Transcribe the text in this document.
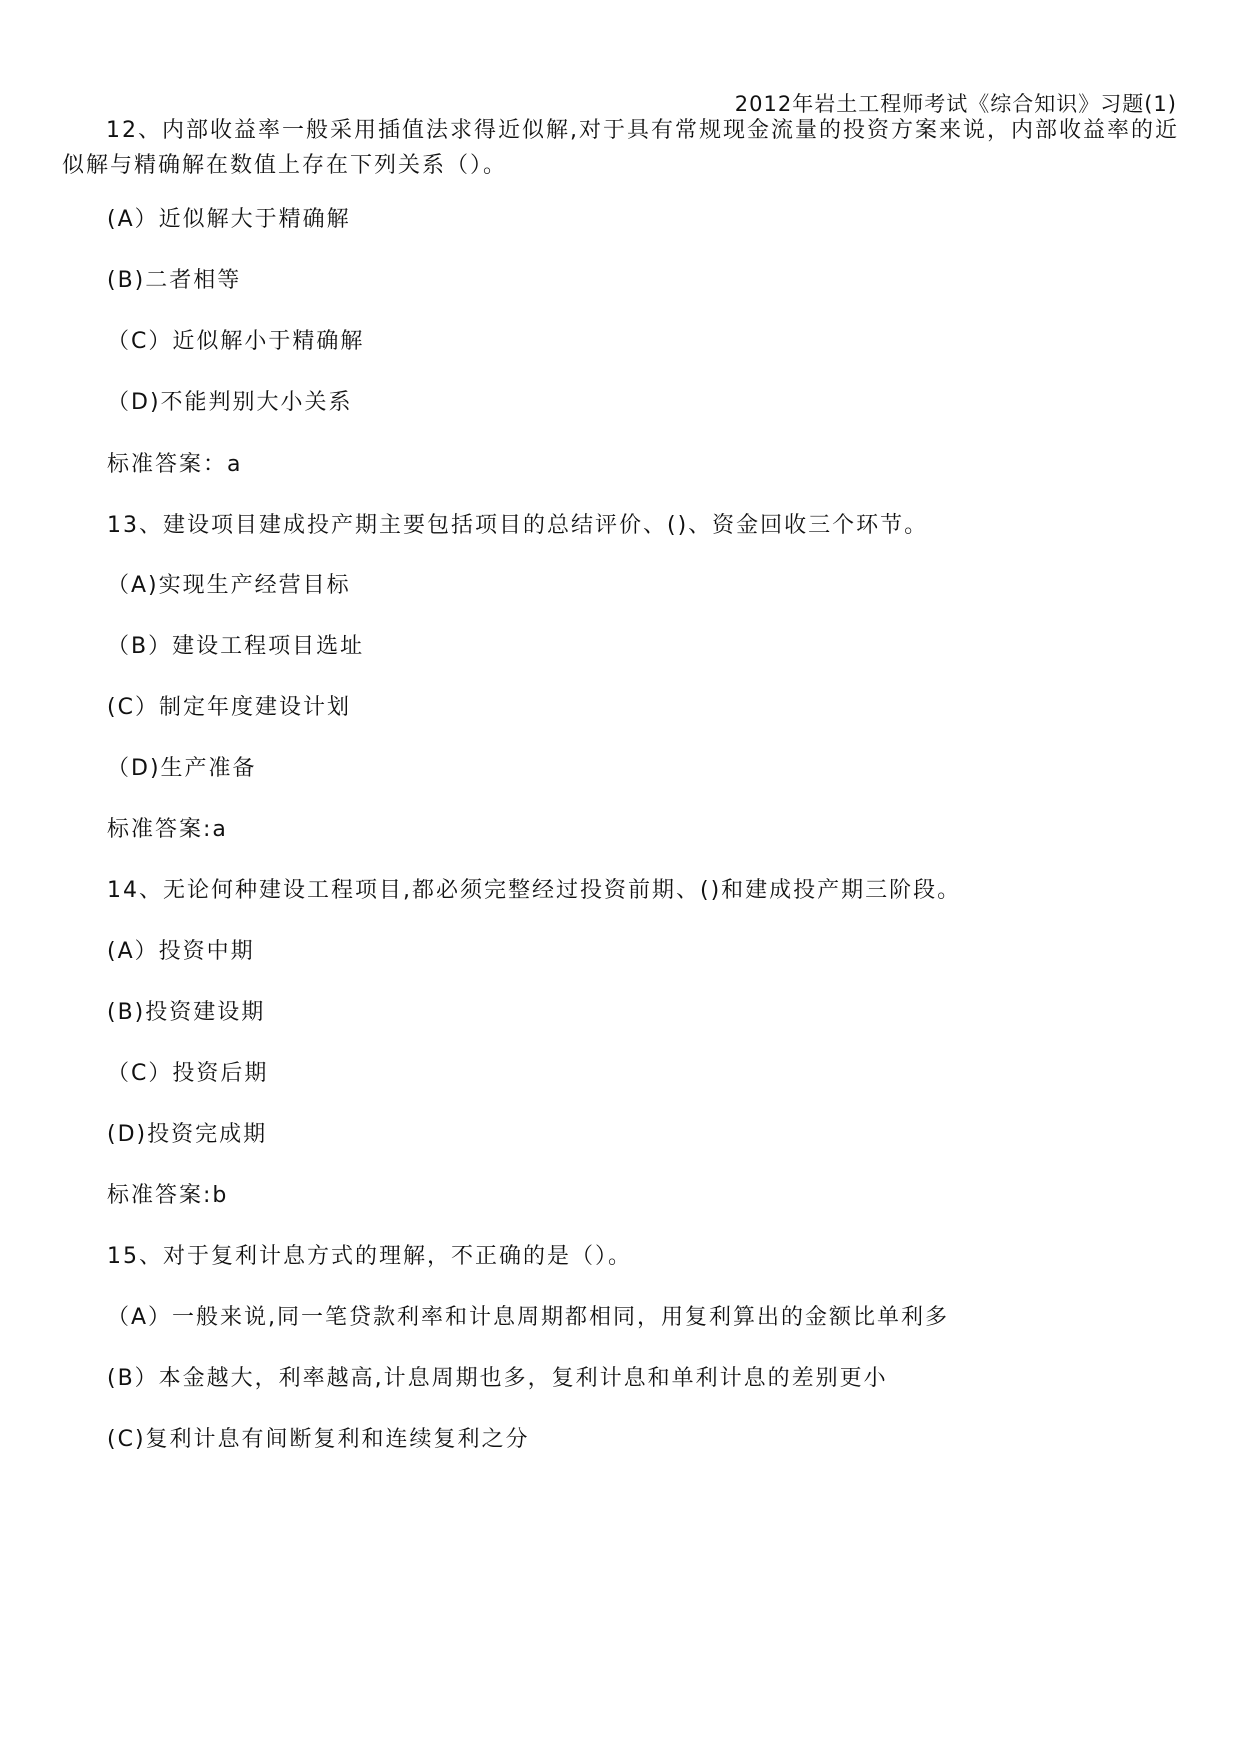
2012年岩土工程师考试《综合知识》习题(1)
12、内部收益率一般采用插值法求得近似解,对于具有常规现金流量的投资方案来说，内部收益率的近似解与精确解在数值上存在下列关系（）。
(A）近似解大于精确解
(B)二者相等
（C）近似解小于精确解
（D)不能判别大小关系
标准答案：a
13、建设项目建成投产期主要包括项目的总结评价、()、资金回收三个环节。
（A)实现生产经营目标
（B）建设工程项目选址
(C）制定年度建设计划
（D)生产准备
标准答案:a
14、无论何种建设工程项目,都必须完整经过投资前期、()和建成投产期三阶段。
(A）投资中期
(B)投资建设期
（C）投资后期
(D)投资完成期
标准答案:b
15、对于复利计息方式的理解，不正确的是（）。
（A）一般来说,同一笔贷款利率和计息周期都相同，用复利算出的金额比单利多
(B）本金越大，利率越高,计息周期也多，复利计息和单利计息的差别更小
(C)复利计息有间断复利和连续复利之分
